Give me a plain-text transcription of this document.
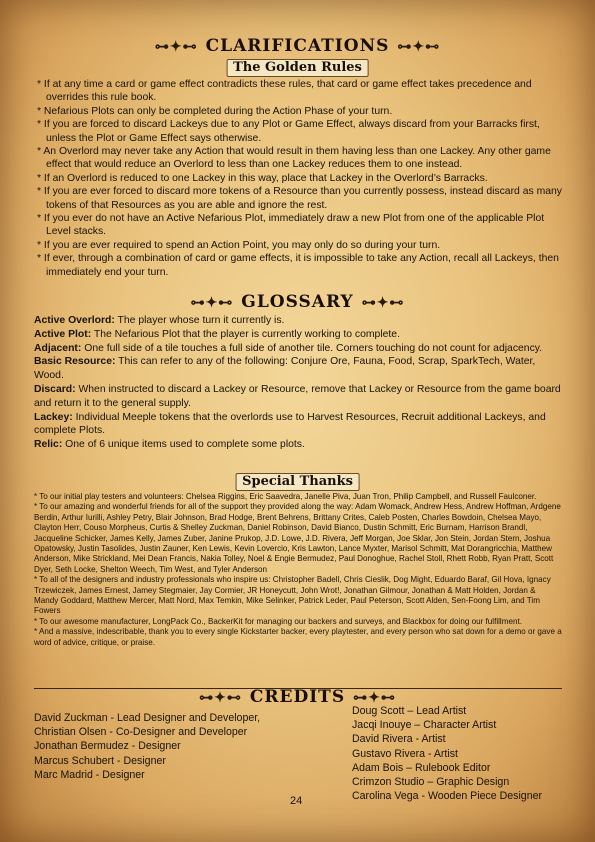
⊶✦⊷ CLARIFICATIONS ⊶✦⊷
The Golden Rules
* If at any time a card or game effect contradicts these rules, that card or game effect takes precedence and overrides this rule book.
* Nefarious Plots can only be completed during the Action Phase of your turn.
* If you are forced to discard Lackeys due to any Plot or Game Effect, always discard from your Barracks first, unless the Plot or Game Effect says otherwise.
* An Overlord may never take any Action that would result in them having less than one Lackey. Any other game effect that would reduce an Overlord to less than one Lackey reduces them to one instead.
* If an Overlord is reduced to one Lackey in this way, place that Lackey in the Overlord’s Barracks.
* If you are ever forced to discard more tokens of a Resource than you currently possess, instead discard as many tokens of that Resources as you are able and ignore the rest.
* If you ever do not have an Active Nefarious Plot, immediately draw a new Plot from one of the applicable Plot Level stacks.
* If you are ever required to spend an Action Point, you may only do so during your turn.
* If ever, through a combination of card or game effects, it is impossible to take any Action, recall all Lackeys, then immediately end your turn.
⊶✦⊷ GLOSSARY ⊶✦⊷

Active Overlord: The player whose turn it currently is.

Active Plot: The Nefarious Plot that the player is currently working to complete.

Adjacent: One full side of a tile touches a full side of another tile. Corners touching do not count for adjacency.

Basic Resource: This can refer to any of the following: Conjure Ore, Fauna, Food, Scrap, SparkTech, Water, Wood.

Discard: When instructed to discard a Lackey or Resource, remove that Lackey or Resource from the game board and return it to the general supply.

Lackey: Individual Meeple tokens that the overlords use to Harvest Resources, Recruit additional Lackeys, and complete Plots.

Relic: One of 6 unique items used to complete some plots.

Special Thanks

* To our initial play testers and volunteers: Chelsea Riggins, Eric Saavedra, Janelle Piva, Juan Tron, Philip Campbell, and Russell Faulconer.

* To our amazing and wonderful friends for all of the support they provided along the way: Adam Womack, Andrew Hess, Andrew Hoffman, Ardgene Berdin, Arthur Iurilli, Ashley Petry, Blair Johnson, Brad Hodge, Brent Behrens, Brittany Crites, Caleb Posten, Charles Bowdoin, Chelsea Mayo, Clayton Herr, Couso Morpheus, Curtis & Shelley Zuckman, Daniel Robinson, David Bianco, Dustin Schmitt, Eric Burnam, Harrison Brandl, Jacqueline Schicker, James Kelly, James Zuber, Janine Prukop, J.D. Lowe, J.D. Rivera, Jeff Morgan, Joe Sklar, Jon Stein, Jordan Stern, Joshua Opatowsky, Justin Tasolides, Justin Zauner, Ken Lewis, Kevin Lovercio, Kris Lawton, Lance Myxter, Marisol Schmitt, Mat Dorangricchia, Matthew Anderson, Mike Strickland, Mei Dean Francis, Nakia Tolley, Noel & Engie Bermudez, Paul Donoghue, Rachel Stoll, Rhett Robb, Ryan Pratt, Scott Dyer, Seth Locke, Shelton Weech, Tim West, and Tyler Anderson

* To all of the designers and industry professionals who inspire us: Christopher Badell, Chris Cieslik, Dog Might, Eduardo Baraf, Gil Hova, Ignacy Trzewiczek, James Ernest, Jamey Stegmaier, Jay Cormier, JR Honeycutt, John Wrot!, Jonathan Gilmour, Jonathan & Matt Holden, Jordan & Mandy Goddard, Matthew Mercer, Matt Nord, Max Temkin, Mike Selinker, Patrick Leder, Paul Peterson, Scott Alden, Sen-Foong Lim, and Tim Fowers

* To our awesome manufacturer, LongPack Co., BackerKit for managing our backers and surveys, and Blackbox for doing our fulfillment.

* And a massive, indescribable, thank you to every single Kickstarter backer, every playtester, and every person who sat down for a demo or gave a word of advice, critique, or praise.

⊶✦⊷ CREDITS ⊶✦⊷
David Zuckman - Lead Designer and Developer,
Christian Olsen - Co-Designer and Developer
Jonathan Bermudez - Designer
Marcus Schubert - Designer
Marc Madrid - Designer
Doug Scott – Lead Artist
Jacqi Inouye – Character Artist
David Rivera - Artist
Gustavo Rivera - Artist
Adam Bois – Rulebook Editor
Crimzon Studio – Graphic Design
Carolina Vega - Wooden Piece Designer
24
